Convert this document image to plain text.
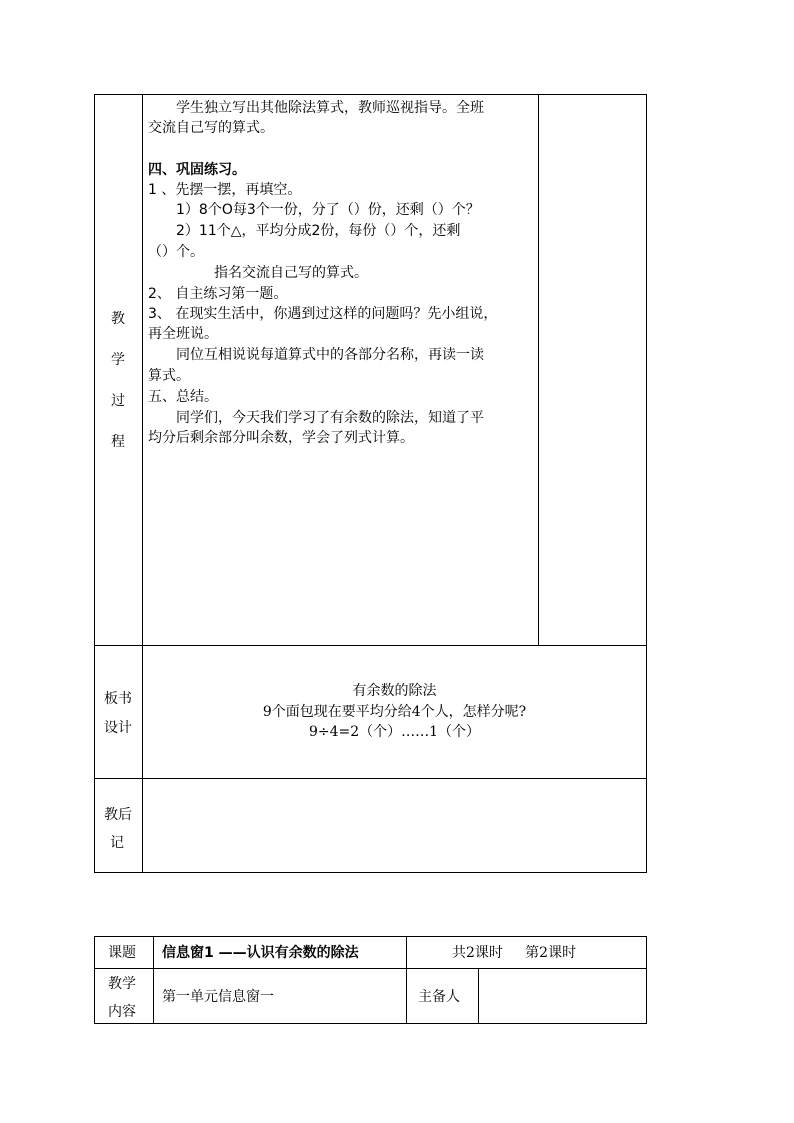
教
学
过
程
学生独立写出其他除法算式，教师巡视指导。全班
交流自己写的算式。
四、巩固练习。
1 、先摆一摆，再填空。
1）8个O每3个一份，分了（）份，还剩（）个？
2）11个△，平均分成2份，每份（）个，还剩
（）个。
指名交流自己写的算式。
2、 自主练习第一题。
3、 在现实生活中，你遇到过这样的问题吗？先小组说，
再全班说。
同位互相说说每道算式中的各部分名称，再读一读
算式。
五、总结。
同学们，今天我们学习了有余数的除法，知道了平
均分后剩余部分叫余数，学会了列式计算。
板书
设计
有余数的除法
9个面包现在要平均分给4个人，怎样分呢?
9÷4=2（个）……1（个）
教后
记
课题 信息窗1 ——认识有余数的除法	共2课时     第2课时
教学
内容
第一单元信息窗一	主备人
